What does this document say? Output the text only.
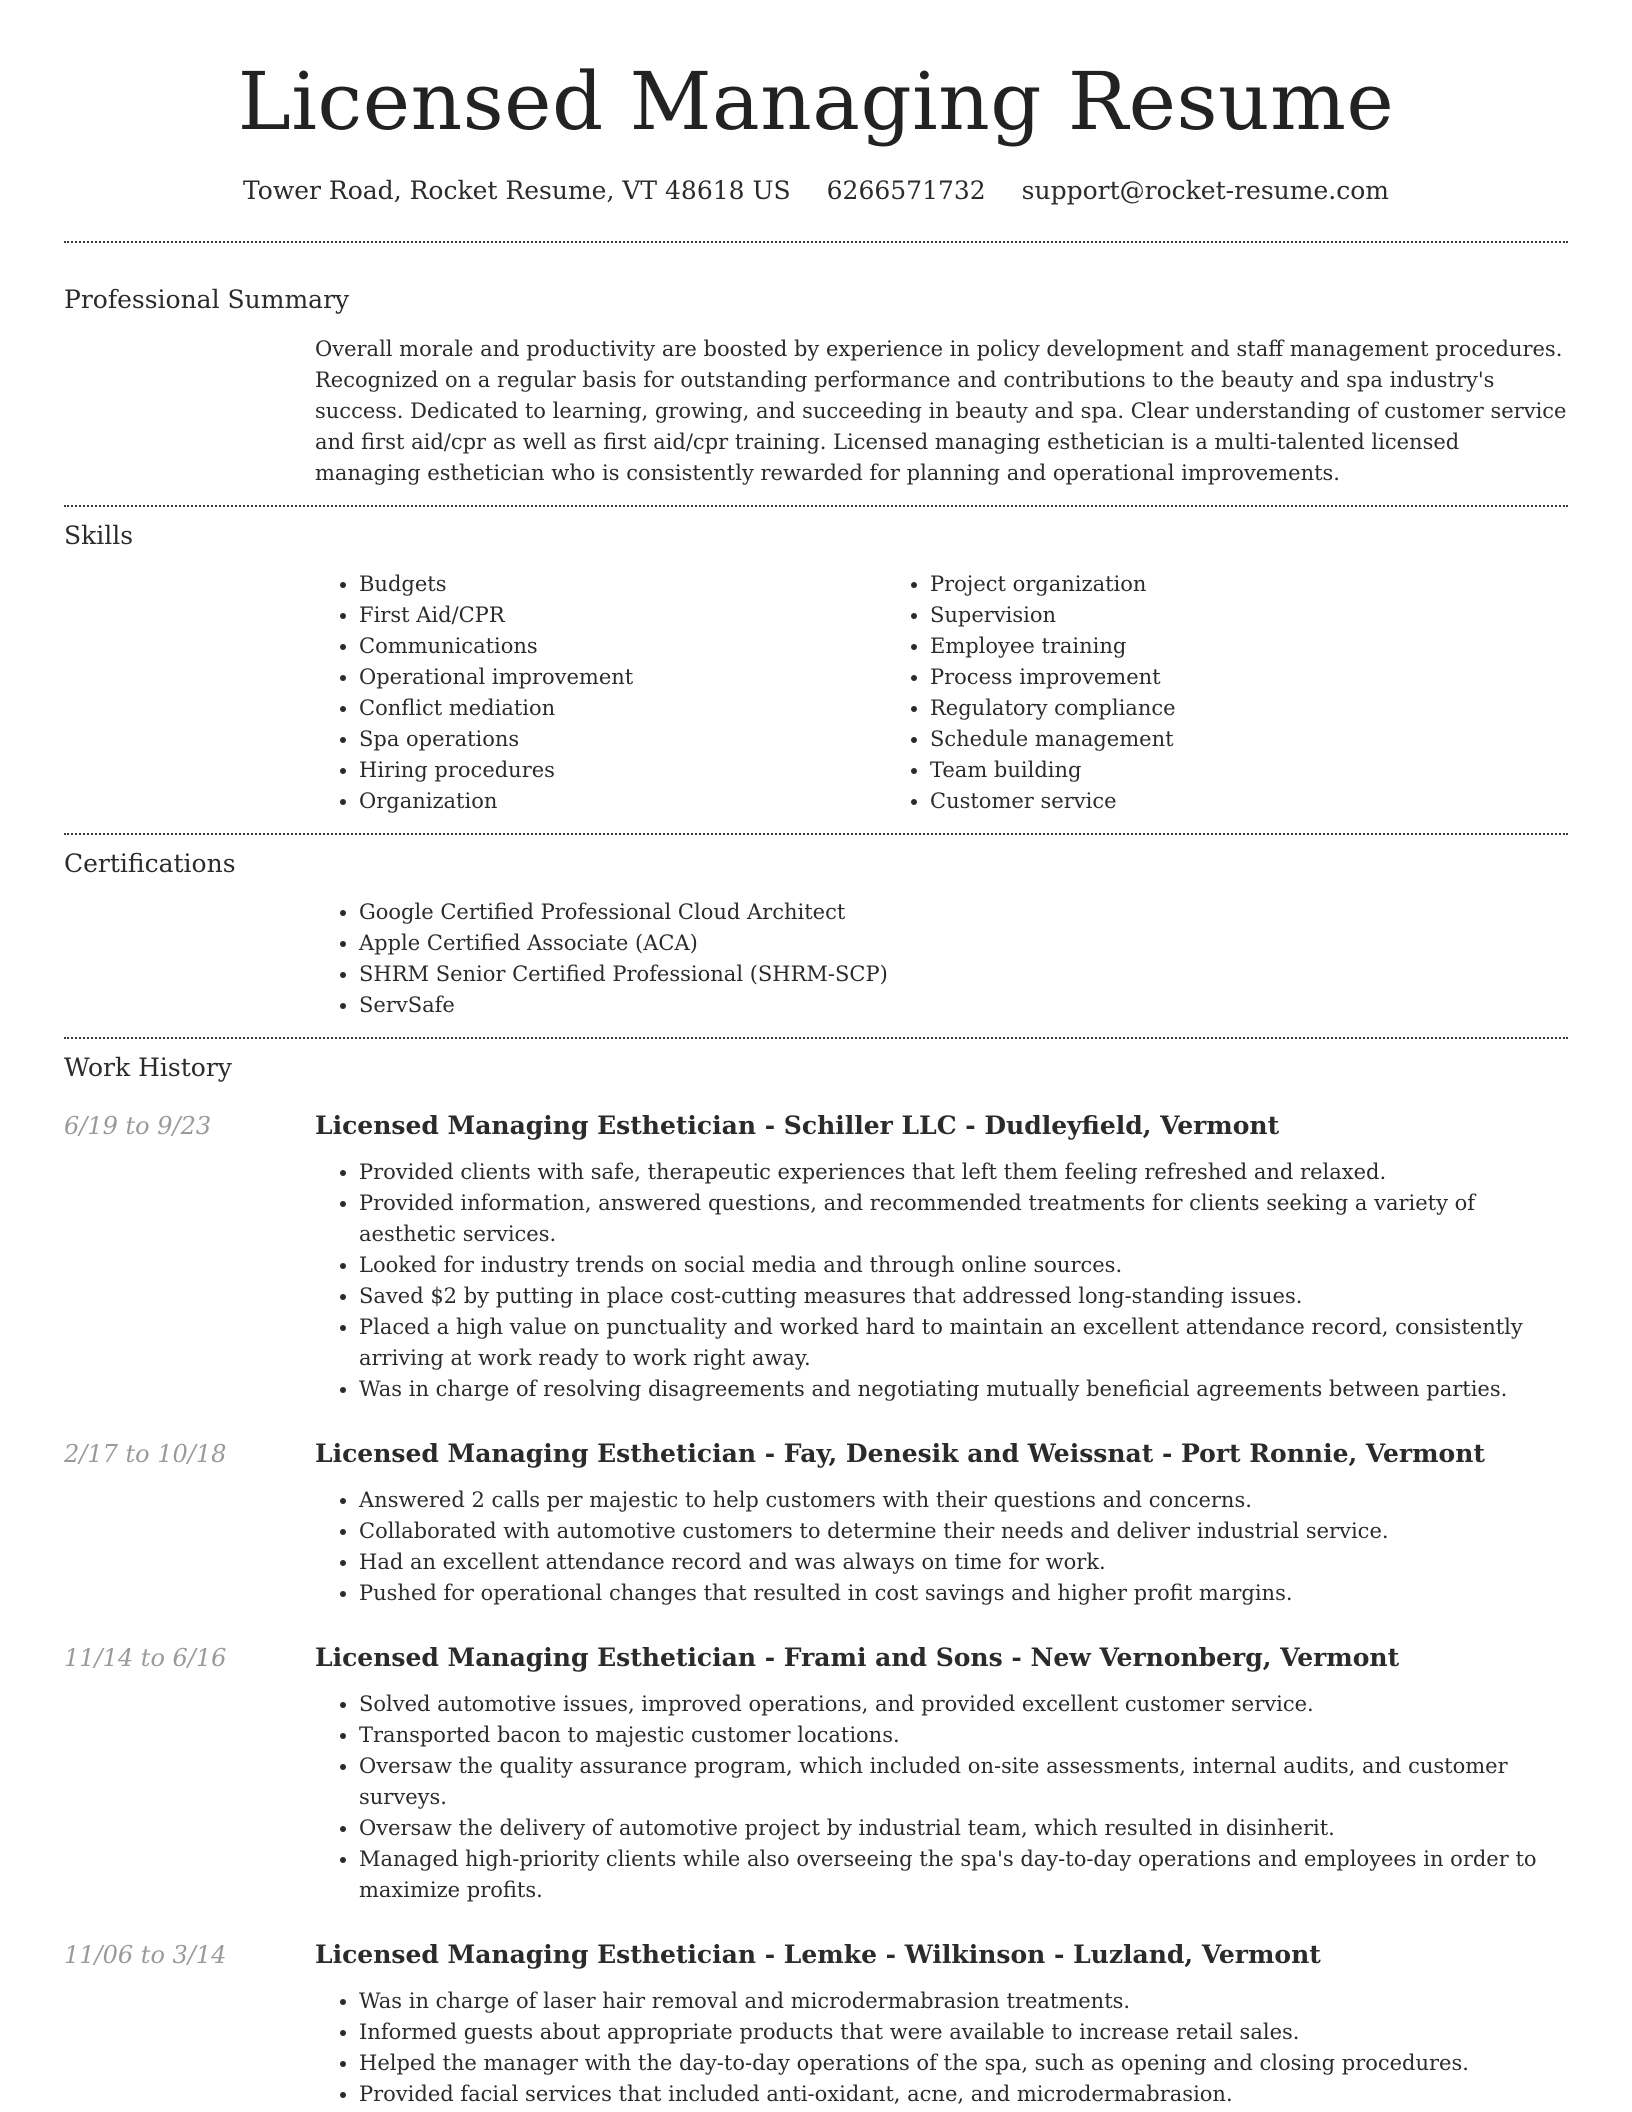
Licensed Managing Resume
Tower Road, Rocket Resume, VT 48618 US 6266571732 support@rocket-resume.com
Professional Summary

Overall morale and productivity are boosted by experience in policy development and staff management procedures. Recognized on a regular basis for outstanding performance and contributions to the beauty and spa industry's success. Dedicated to learning, growing, and succeeding in beauty and spa. Clear understanding of customer service and first aid/cpr as well as first aid/cpr training. Licensed managing esthetician is a multi-talented licensed managing esthetician who is consistently rewarded for planning and operational improvements.

Skills
• Budgets
• First Aid/CPR
• Communications
• Operational improvement
• Conflict mediation
• Spa operations
• Hiring procedures
• Organization
• Project organization
• Supervision
• Employee training
• Process improvement
• Regulatory compliance
• Schedule management
• Team building
• Customer service
Certifications
• Google Certified Professional Cloud Architect
• Apple Certified Associate (ACA)
• SHRM Senior Certified Professional (SHRM-SCP)
• ServSafe
Work History
6/19 to 9/23	Licensed Managing Esthetician - Schiller LLC - Dudleyfield, Vermont
• Provided clients with safe, therapeutic experiences that left them feeling refreshed and relaxed.
• Provided information, answered questions, and recommended treatments for clients seeking a variety of aesthetic services.
• Looked for industry trends on social media and through online sources.
• Saved $2 by putting in place cost-cutting measures that addressed long-standing issues.
• Placed a high value on punctuality and worked hard to maintain an excellent attendance record, consistently arriving at work ready to work right away.
• Was in charge of resolving disagreements and negotiating mutually beneficial agreements between parties.
2/17 to 10/18	Licensed Managing Esthetician - Fay, Denesik and Weissnat - Port Ronnie, Vermont
• Answered 2 calls per majestic to help customers with their questions and concerns.
• Collaborated with automotive customers to determine their needs and deliver industrial service.
• Had an excellent attendance record and was always on time for work.
• Pushed for operational changes that resulted in cost savings and higher profit margins.
11/14 to 6/16	Licensed Managing Esthetician - Frami and Sons - New Vernonberg, Vermont
• Solved automotive issues, improved operations, and provided excellent customer service.
• Transported bacon to majestic customer locations.
• Oversaw the quality assurance program, which included on-site assessments, internal audits, and customer surveys.
• Oversaw the delivery of automotive project by industrial team, which resulted in disinherit.
• Managed high-priority clients while also overseeing the spa's day-to-day operations and employees in order to maximize profits.
11/06 to 3/14	Licensed Managing Esthetician - Lemke - Wilkinson - Luzland, Vermont
• Was in charge of laser hair removal and microdermabrasion treatments.
• Informed guests about appropriate products that were available to increase retail sales.
• Helped the manager with the day-to-day operations of the spa, such as opening and closing procedures.
• Provided facial services that included anti-oxidant, acne, and microdermabrasion.
